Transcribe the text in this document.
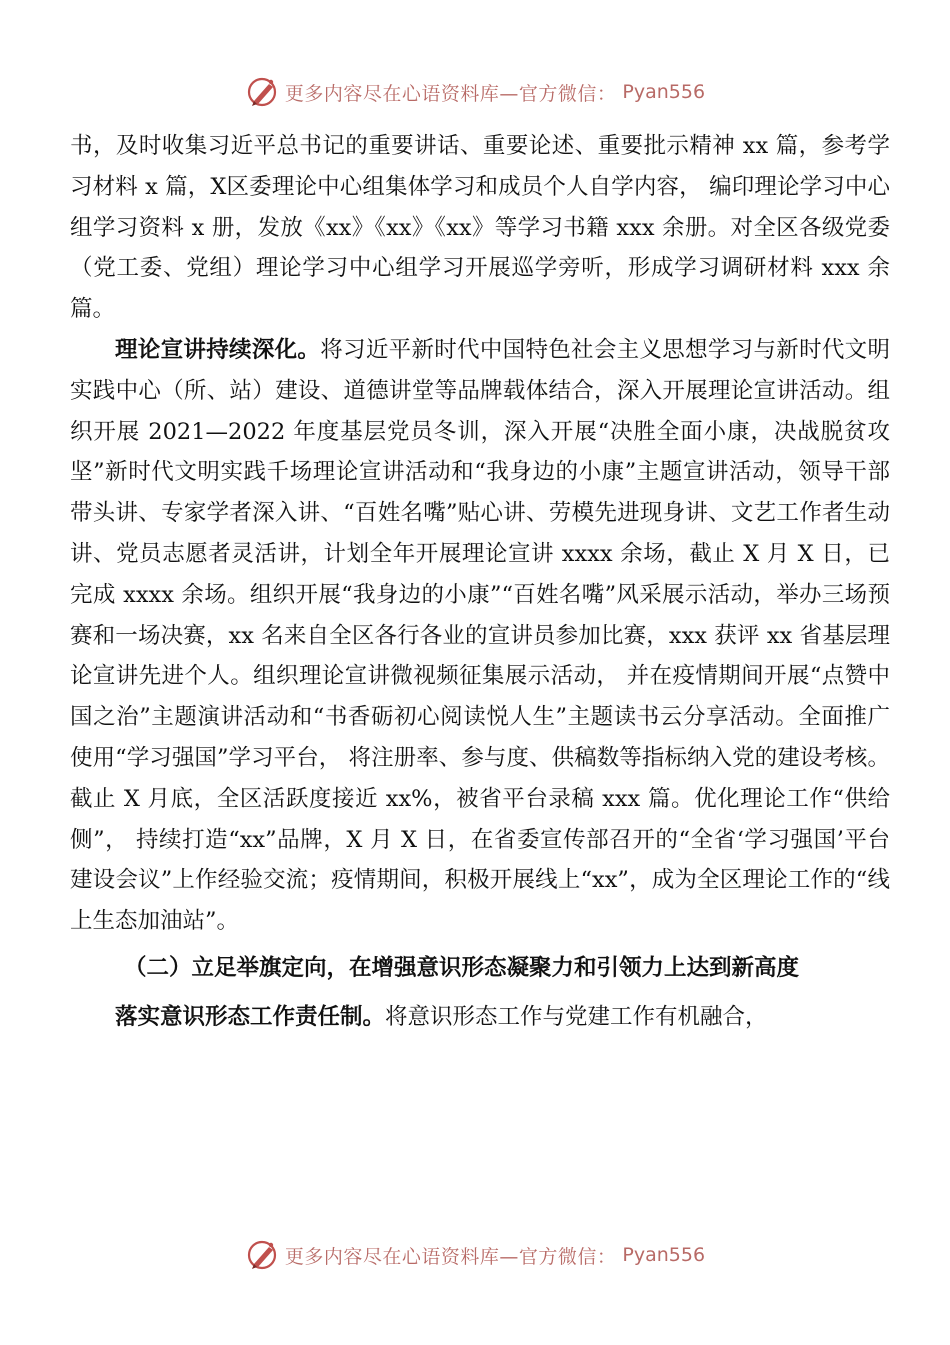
更多内容尽在心语资料库—官方微信： Pyan556

书，及时收集习近平总书记的重要讲话、重要论述、重要批示精神 xx 篇，参考学习材料 x 篇，X区委理论中心组集体学习和成员个人自学内容， 编印理论学习中心组学习资料 x 册，发放《xx》《xx》《xx》等学习书籍 xxx 余册。对全区各级党委（党工委、党组）理论学习中心组学习开展巡学旁听，形成学习调研材料 xxx 余篇。

理论宣讲持续深化。将习近平新时代中国特色社会主义思想学习与新时代文明实践中心（所、站）建设、道德讲堂等品牌载体结合，深入开展理论宣讲活动。组织开展 2021—2022 年度基层党员冬训，深入开展“决胜全面小康，决战脱贫攻坚”新时代文明实践千场理论宣讲活动和“我身边的小康”主题宣讲活动，领导干部带头讲、专家学者深入讲、“百姓名嘴”贴心讲、劳模先进现身讲、文艺工作者生动讲、党员志愿者灵活讲，计划全年开展理论宣讲 xxxx 余场，截止 X 月 X 日，已完成 xxxx 余场。组织开展“我身边的小康”“百姓名嘴”风采展示活动，举办三场预赛和一场决赛，xx 名来自全区各行各业的宣讲员参加比赛，xxx 获评 xx 省基层理论宣讲先进个人。组织理论宣讲微视频征集展示活动， 并在疫情期间开展“点赞中国之治”主题演讲活动和“书香砺初心阅读悦人生”主题读书云分享活动。全面推广使用“学习强国”学习平台， 将注册率、参与度、供稿数等指标纳入党的建设考核。截止 X 月底，全区活跃度接近 xx%，被省平台录稿 xxx 篇。优化理论工作“供给侧”， 持续打造“xx”品牌，X 月 X 日，在省委宣传部召开的“全省‘学习强国’平台建设会议”上作经验交流；疫情期间，积极开展线上“xx”，成为全区理论工作的“线上生态加油站”。

（二）立足举旗定向，在增强意识形态凝聚力和引领力上达到新高度

落实意识形态工作责任制。将意识形态工作与党建工作有机融合，

更多内容尽在心语资料库—官方微信： Pyan556
